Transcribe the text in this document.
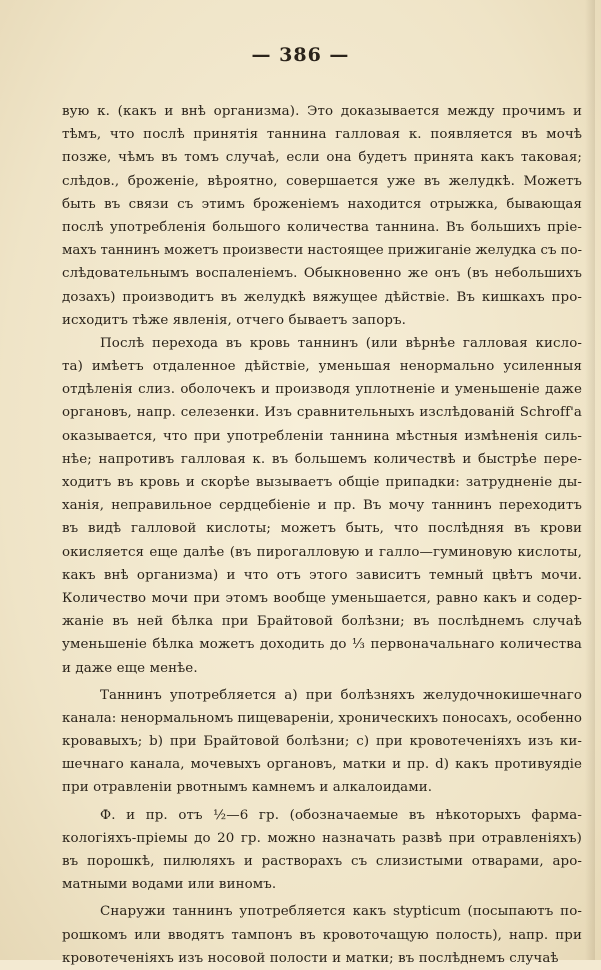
— 386 —
вую к. (какъ и внѣ организма). Это доказывается между прочимъ и
тѣмъ, что послѣ принятія таннина галловая к. появляется въ мочѣ
позже, чѣмъ въ томъ случаѣ, если она будетъ принята какъ таковая;
слѣдов., броженіе, вѣроятно, совершается уже въ желудкѣ. Можетъ
быть въ связи съ этимъ броженіемъ находится отрыжка, бывающая
послѣ употребленія большого количества таннина. Въ большихъ пріе-
махъ таннинъ можетъ произвести настоящее прижиганіе желудка съ по-
слѣдовательнымъ воспаленіемъ. Обыкновенно же онъ (въ небольшихъ
дозахъ) производитъ въ желудкѣ вяжущее дѣйствіе. Въ кишкахъ про-
исходитъ тѣже явленія, отчего бываетъ запоръ.
Послѣ перехода въ кровь таннинъ (или вѣрнѣе галловая кисло-
та) имѣетъ отдаленное дѣйствіе, уменьшая ненормально усиленныя
отдѣленія слиз. оболочекъ и производя уплотненіе и уменьшеніе даже
органовъ, напр. селезенки. Изъ сравнительныхъ изслѣдованій Schroff'a
оказывается, что при употребленіи таннина мѣстныя измѣненія силь-
нѣе; напротивъ галловая к. въ большемъ количествѣ и быстрѣе пере-
ходитъ въ кровь и скорѣе вызываетъ общіе припадки: затрудненіе ды-
ханія, неправильное сердцебіеніе и пр. Въ мочу таннинъ переходитъ
въ видѣ галловой кислоты; можетъ быть, что послѣдняя въ крови
окисляется еще далѣе (въ пирогалловую и галло—гуминовую кислоты,
какъ внѣ организма) и что отъ этого зависитъ темный цвѣтъ мочи.
Количество мочи при этомъ вообще уменьшается, равно какъ и содер-
жаніе въ ней бѣлка при Брайтовой болѣзни; въ послѣднемъ случаѣ
уменьшеніе бѣлка можетъ доходить до ⅓ первоначальнаго количества
и даже еще менѣе.
Таннинъ употребляется а) при болѣзняхъ желудочнокишечнаго
канала: ненормальномъ пищевареніи, хроническихъ поносахъ, особенно
кровавыхъ; b) при Брайтовой болѣзни; c) при кровотеченіяхъ изъ ки-
шечнаго канала, мочевыхъ органовъ, матки и пр. d) какъ противуядіе
при отравленіи рвотнымъ камнемъ и алкалоидами.
Ф. и пр. отъ ½—6 гр. (обозначаемые въ нѣкоторыхъ фарма-
кологіяхъ-пріемы до 20 гр. можно назначать развѣ при отравленіяхъ)
въ порошкѣ, пилюляхъ и растворахъ съ слизистыми отварами, аро-
матными водами или виномъ.
Снаружи таннинъ употребляется какъ stypticum (посыпаютъ по-
рошкомъ или вводятъ тампонъ въ кровоточащую полость), напр. при
кровотеченіяхъ изъ носовой полости и матки; въ послѣднемъ случаѣ
